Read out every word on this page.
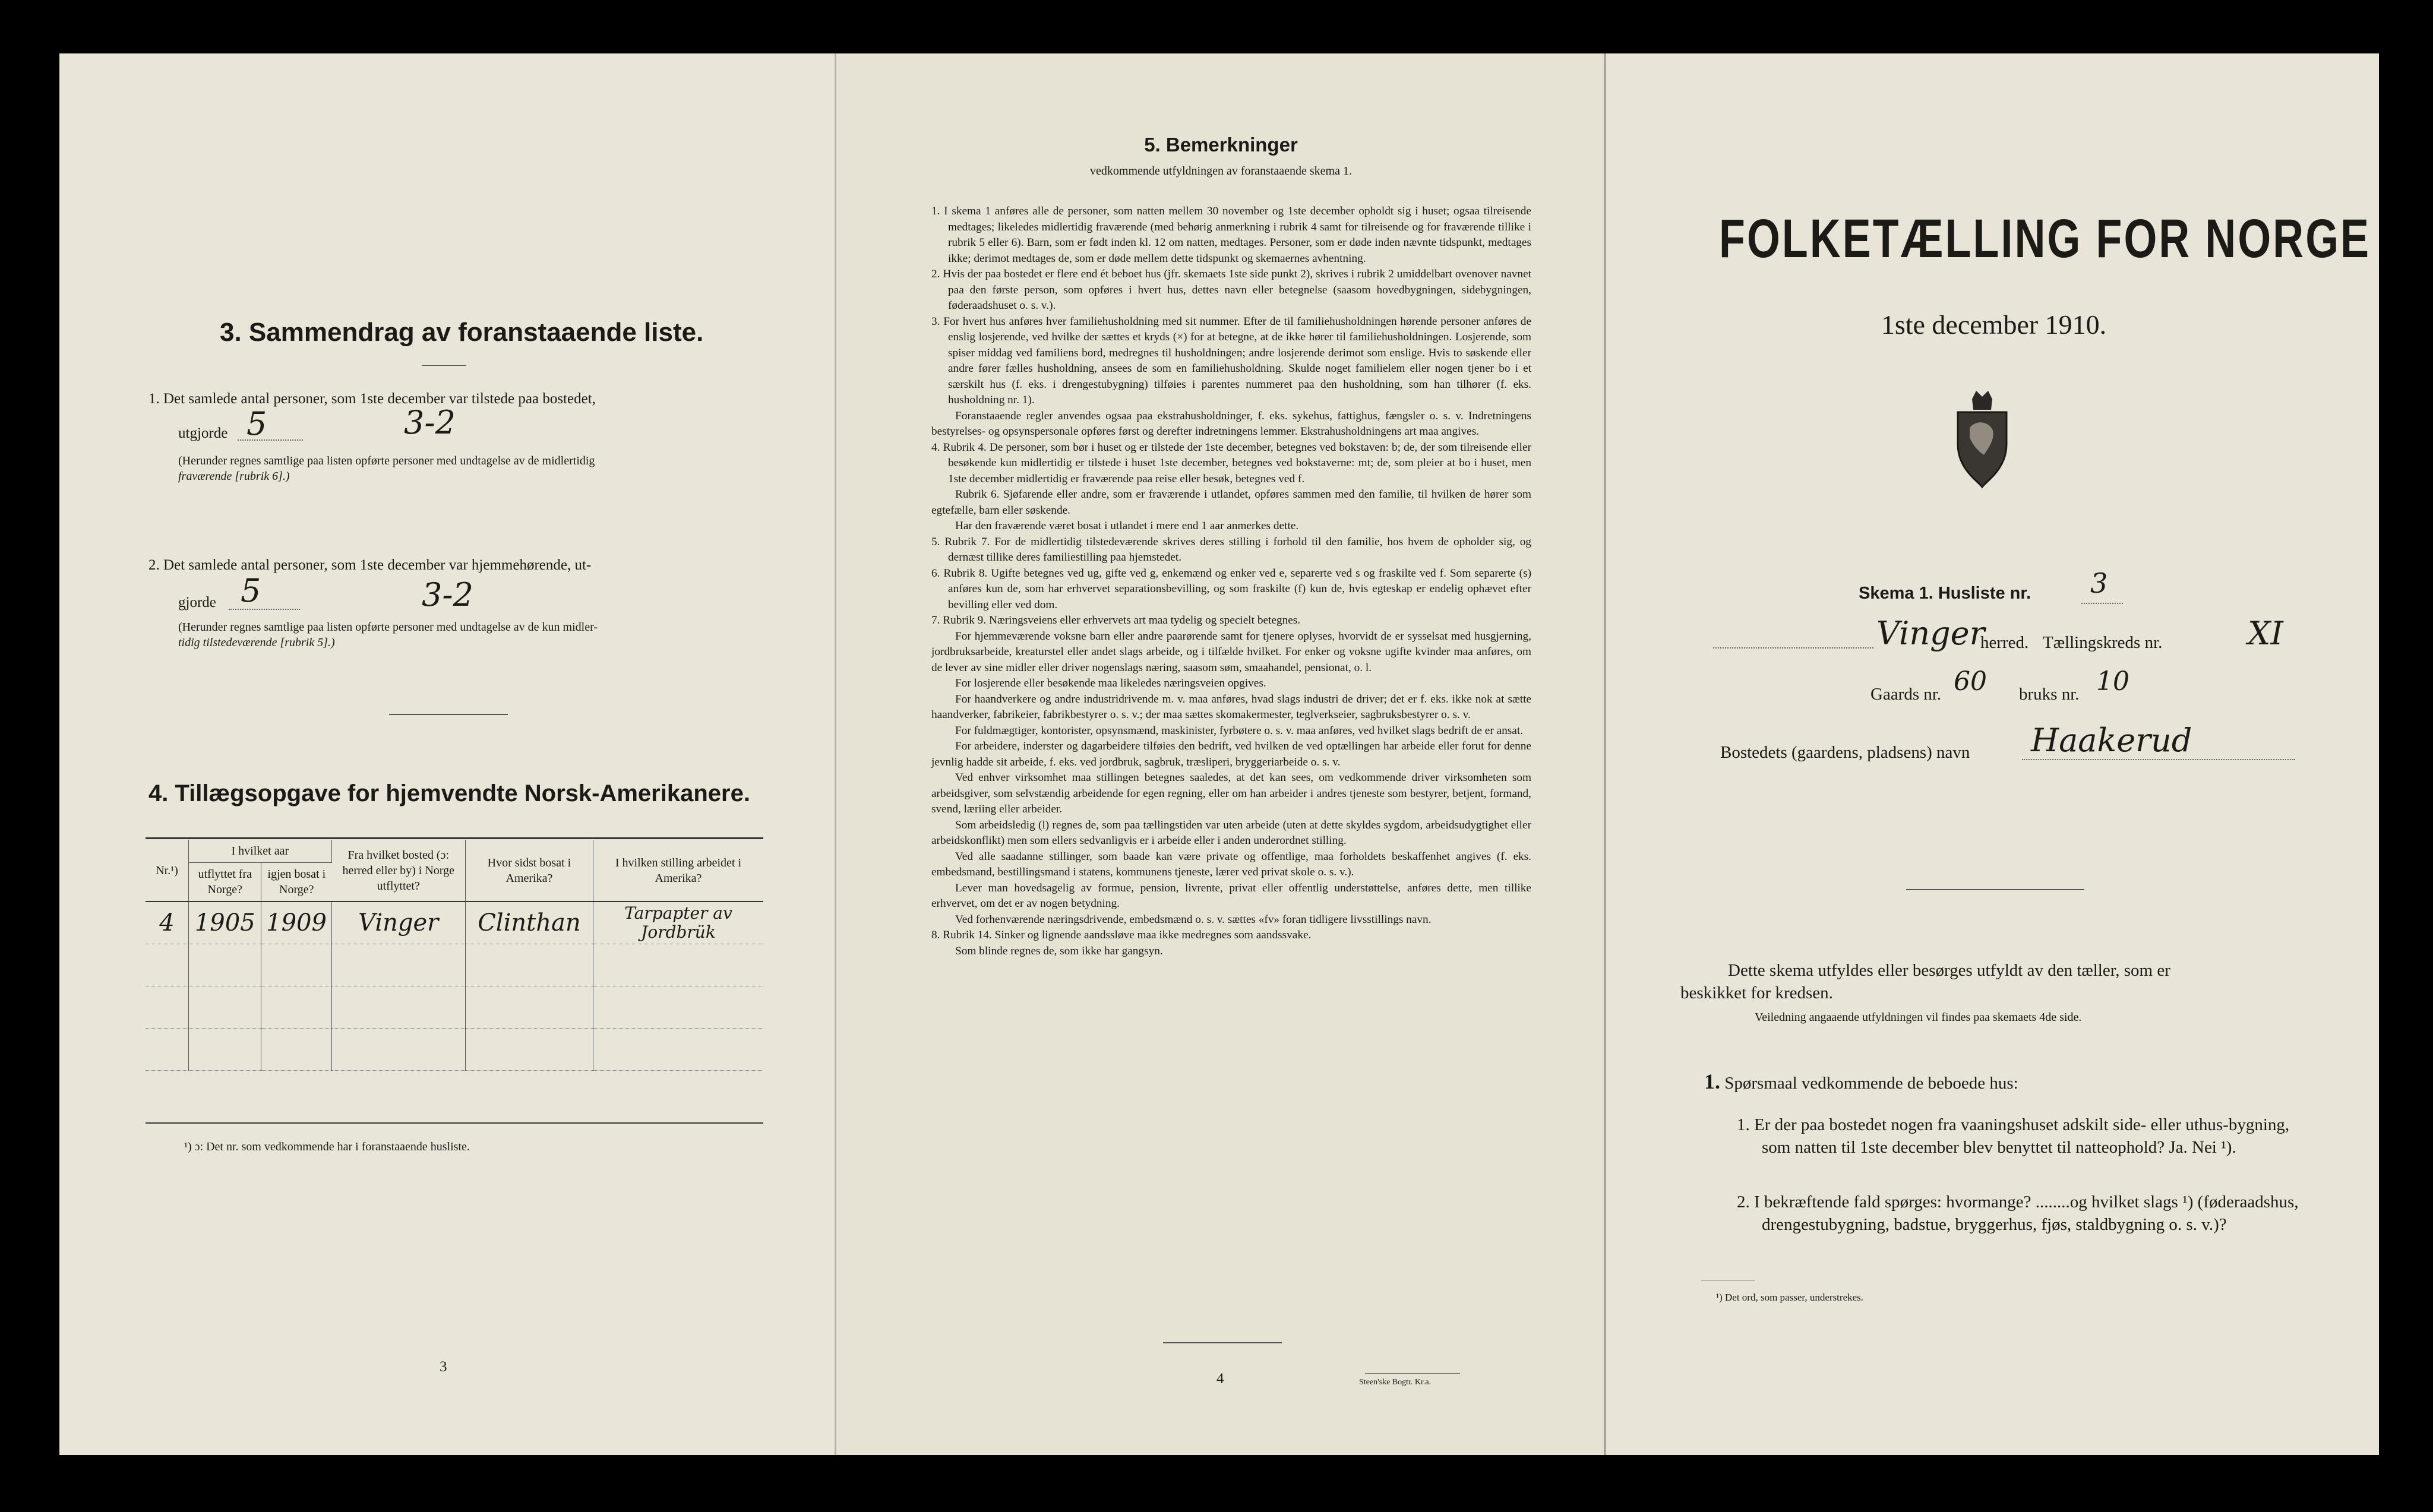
3. Sammendrag av foranstaaende liste.
1. Det samlede antal personer, som 1ste december var tilstede paa bostedet,
utgjorde 5	3-2
(Herunder regnes samtlige paa listen opførte personer med undtagelse av de midlertidig
fraværende [rubrik 6].)
2. Det samlede antal personer, som 1ste december var hjemmehørende, ut-
gjorde 5	3-2
(Herunder regnes samtlige paa listen opførte personer med undtagelse av de kun midler-
tidig tilstedeværende [rubrik 5].)
4. Tillægsopgave for hjemvendte Norsk-Amerikanere.
Nr.¹)	I hvilket aar		Fra hvilket bosted (ɔ: herred eller by) i Norge utflyttet?	Hvor sidst bosat i Amerika?	I hvilken stilling arbeidet i Amerika?
	utflyttet fra Norge?	igjen bosat i Norge?			
4	1905	1909	Vinger	Clinthan	Tarpapter av Jordbrük

¹) ɔ: Det nr. som vedkommende har i foranstaaende husliste.
3
5. Bemerkninger
vedkommende utfyldningen av foranstaaende skema 1.

1. I skema 1 anføres alle de personer, som natten mellem 30 november og 1ste december opholdt sig i huset; ogsaa tilreisende medtages; likeledes midlertidig fraværende (med behørig anmerkning i rubrik 4 samt for tilreisende og for fraværende tillike i rubrik 5 eller 6). Barn, som er født inden kl. 12 om natten, medtages. Personer, som er døde inden nævnte tidspunkt, medtages ikke; derimot medtages de, som er døde mellem dette tidspunkt og skemaernes avhentning.

2. Hvis der paa bostedet er flere end ét beboet hus (jfr. skemaets 1ste side punkt 2), skrives i rubrik 2 umiddelbart ovenover navnet paa den første person, som opføres i hvert hus, dettes navn eller betegnelse (saasom hovedbygningen, sidebygningen, føderaadshuset o. s. v.).

3. For hvert hus anføres hver familiehusholdning med sit nummer. Efter de til familiehusholdningen hørende personer anføres de enslig losjerende, ved hvilke der sættes et kryds (×) for at betegne, at de ikke hører til familiehusholdningen. Losjerende, som spiser middag ved familiens bord, medregnes til husholdningen; andre losjerende derimot som enslige. Hvis to søskende eller andre fører fælles husholdning, ansees de som en familiehusholdning. Skulde noget familielem eller nogen tjener bo i et særskilt hus (f. eks. i drengestubygning) tilføies i parentes nummeret paa den husholdning, som han tilhører (f. eks. husholdning nr. 1).

Foranstaaende regler anvendes ogsaa paa ekstrahusholdninger, f. eks. sykehus, fattighus, fængsler o. s. v. Indretningens bestyrelses- og opsynspersonale opføres først og derefter indretningens lemmer. Ekstrahusholdningens art maa angives.

4. Rubrik 4. De personer, som bør i huset og er tilstede der 1ste december, betegnes ved bokstaven: b; de, der som tilreisende eller besøkende kun midlertidig er tilstede i huset 1ste december, betegnes ved bokstaverne: mt; de, som pleier at bo i huset, men 1ste december midlertidig er fraværende paa reise eller besøk, betegnes ved f.

Rubrik 6. Sjøfarende eller andre, som er fraværende i utlandet, opføres sammen med den familie, til hvilken de hører som egtefælle, barn eller søskende.

Har den fraværende været bosat i utlandet i mere end 1 aar anmerkes dette.

5. Rubrik 7. For de midlertidig tilstedeværende skrives deres stilling i forhold til den familie, hos hvem de opholder sig, og dernæst tillike deres familiestilling paa hjemstedet.

6. Rubrik 8. Ugifte betegnes ved ug, gifte ved g, enkemænd og enker ved e, separerte ved s og fraskilte ved f. Som separerte (s) anføres kun de, som har erhvervet separationsbevilling, og som fraskilte (f) kun de, hvis egteskap er endelig ophævet efter bevilling eller ved dom.

7. Rubrik 9. Næringsveiens eller erhvervets art maa tydelig og specielt betegnes.

For hjemmeværende voksne barn eller andre paarørende samt for tjenere oplyses, hvorvidt de er sysselsat med husgjerning, jordbruksarbeide, kreaturstel eller andet slags arbeide, og i tilfælde hvilket. For enker og voksne ugifte kvinder maa anføres, om de lever av sine midler eller driver nogenslags næring, saasom søm, smaahandel, pensionat, o. l.

For losjerende eller besøkende maa likeledes næringsveien opgives.

For haandverkere og andre industridrivende m. v. maa anføres, hvad slags industri de driver; det er f. eks. ikke nok at sætte haandverker, fabrikeier, fabrikbestyrer o. s. v.; der maa sættes skomakermester, teglverkseier, sagbruksbestyrer o. s. v.

For fuldmægtiger, kontorister, opsynsmænd, maskinister, fyrbøtere o. s. v. maa anføres, ved hvilket slags bedrift de er ansat.

For arbeidere, inderster og dagarbeidere tilføies den bedrift, ved hvilken de ved optællingen har arbeide eller forut for denne jevnlig hadde sit arbeide, f. eks. ved jordbruk, sagbruk, træsliperi, bryggeriarbeide o. s. v.

Ved enhver virksomhet maa stillingen betegnes saaledes, at det kan sees, om vedkommende driver virksomheten som arbeidsgiver, som selvstændig arbeidende for egen regning, eller om han arbeider i andres tjeneste som bestyrer, betjent, formand, svend, læriing eller arbeider.

Som arbeidsledig (l) regnes de, som paa tællingstiden var uten arbeide (uten at dette skyldes sygdom, arbeidsudygtighet eller arbeidskonflikt) men som ellers sedvanligvis er i arbeide eller i anden underordnet stilling.

Ved alle saadanne stillinger, som baade kan være private og offentlige, maa forholdets beskaffenhet angives (f. eks. embedsmand, bestillingsmand i statens, kommunens tjeneste, lærer ved privat skole o. s. v.).

Lever man hovedsagelig av formue, pension, livrente, privat eller offentlig understøttelse, anføres dette, men tillike erhvervet, om det er av nogen betydning.

Ved forhenværende næringsdrivende, embedsmænd o. s. v. sættes «fv» foran tidligere livsstillings navn.

8. Rubrik 14. Sinker og lignende aandssløve maa ikke medregnes som aandssvake.

Som blinde regnes de, som ikke har gangsyn.

4	Steen'ske Bogtr. Kr.a.
FOLKETÆLLING FOR NORGE
1ste december 1910.
Skema 1. Husliste nr. 3
Vinger
herred. Tællingskreds nr.	XI
Gaards nr. 60 bruks nr. 10
Bostedets (gaardens, pladsens) navn Haakerud
Dette skema utfyldes eller besørges utfyldt av den tæller, som er
beskikket for kredsen.
Veiledning angaaende utfyldningen vil findes paa skemaets 4de side.
1. Spørsmaal vedkommende de beboede hus:
1. Er der paa bostedet nogen fra vaaningshuset adskilt side- eller uthus-bygning, som natten til 1ste december blev benyttet til natteophold? Ja. Nei ¹).
2. I bekræftende fald spørges: hvormange? ........og hvilket slags ¹) (føderaadshus, drengestubygning, badstue, bryggerhus, fjøs, staldbygning o. s. v.)?
¹) Det ord, som passer, understrekes.
